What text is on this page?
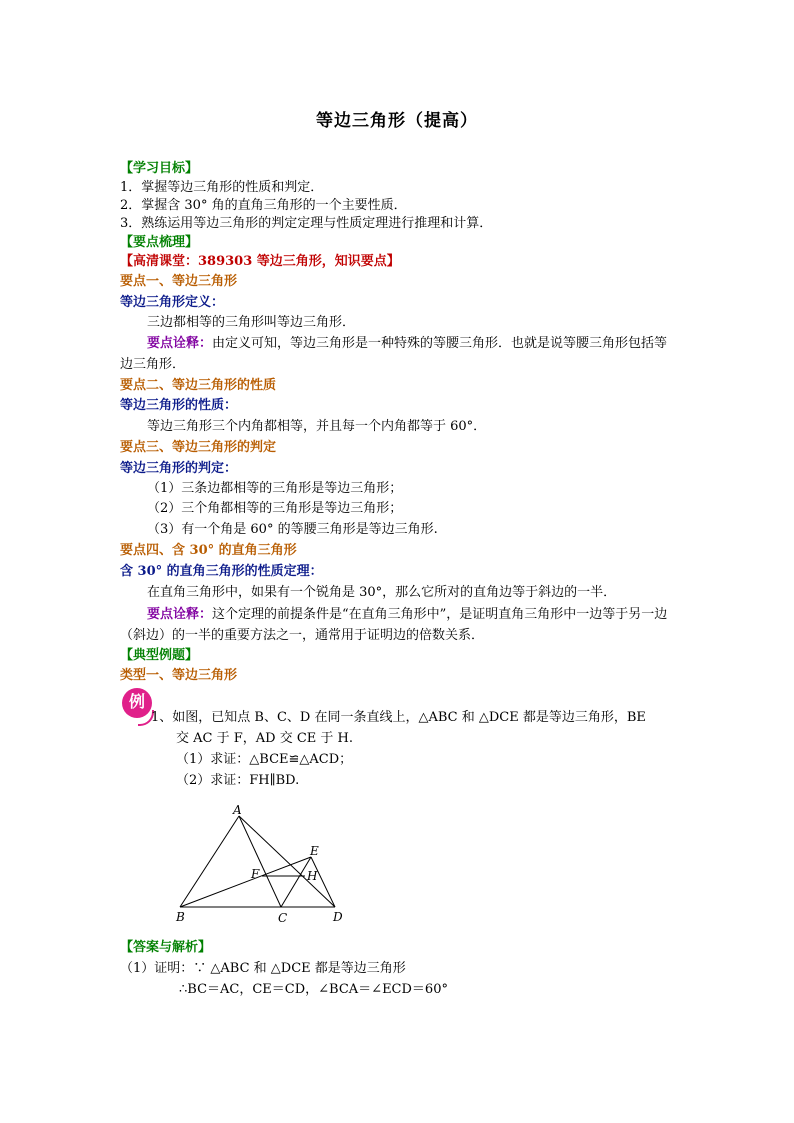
等边三角形（提高）
【学习目标】
1．掌握等边三角形的性质和判定．
2．掌握含 30° 角的直角三角形的一个主要性质．
3．熟练运用等边三角形的判定定理与性质定理进行推理和计算．
【要点梳理】
【高清课堂：389303 等边三角形，知识要点】
要点一、等边三角形
等边三角形定义：
三边都相等的三角形叫等边三角形．
要点诠释：由定义可知，等边三角形是一种特殊的等腰三角形．也就是说等腰三角形包括等边三角形．
要点二、等边三角形的性质
等边三角形的性质：
等边三角形三个内角都相等，并且每一个内角都等于 60°．
要点三、等边三角形的判定
等边三角形的判定：
（1）三条边都相等的三角形是等边三角形；
（2）三个角都相等的三角形是等边三角形；
（3）有一个角是 60° 的等腰三角形是等边三角形.
要点四、含 30° 的直角三角形
含 30° 的直角三角形的性质定理：
在直角三角形中，如果有一个锐角是 30°，那么它所对的直角边等于斜边的一半．
要点诠释：这个定理的前提条件是“在直角三角形中”，是证明直角三角形中一边等于另一边（斜边）的一半的重要方法之一，通常用于证明边的倍数关系．
【典型例题】
类型一、等边三角形
例
1、如图，已知点 B、C、D 在同一条直线上，△ABC 和 △DCE 都是等边三角形，BE
交 AC 于 F，AD 交 CE 于 H.
（1）求证：△BCE≌△ACD；
（2）求证：FH∥BD.
A
B	C	D
E
F	H
【答案与解析】
（1）证明：∵ △ABC 和 △DCE 都是等边三角形
∴BC＝AC，CE＝CD，∠BCA＝∠ECD＝60°
